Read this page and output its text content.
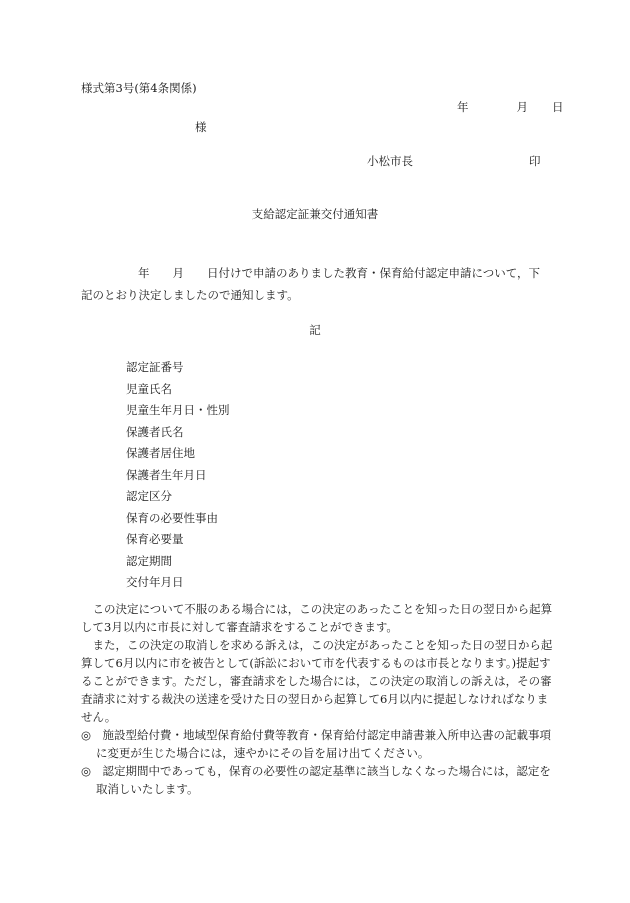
様式第3号(第4条関係)
年	月 日
様
小松市長	印
支給認定証兼交付通知書

年　　月　　日付けで申請のありました教育・保育給付認定申請について，下

記のとおり決定しましたので通知します。

記
認定証番号
児童氏名
児童生年月日・性別
保護者氏名
保護者居住地
保護者生年月日
認定区分
保育の必要性事由
保育必要量
認定期間
交付年月日

この決定について不服のある場合には，この決定のあったことを知った日の翌日から起算して3月以内に市長に対して審査請求をすることができます。

また，この決定の取消しを求める訴えは，この決定があったことを知った日の翌日から起算して6月以内に市を被告として(訴訟において市を代表するものは市長となります。)提起することができます。ただし，審査請求をした場合には，この決定の取消しの訴えは，その審査請求に対する裁決の送達を受けた日の翌日から起算して6月以内に提起しなければなりません。

◎　施設型給付費・地域型保育給付費等教育・保育給付認定申請書兼入所申込書の記載事項に変更が生じた場合には，速やかにその旨を届け出てください。

◎　認定期間中であっても，保育の必要性の認定基準に該当しなくなった場合には，認定を取消しいたします。
